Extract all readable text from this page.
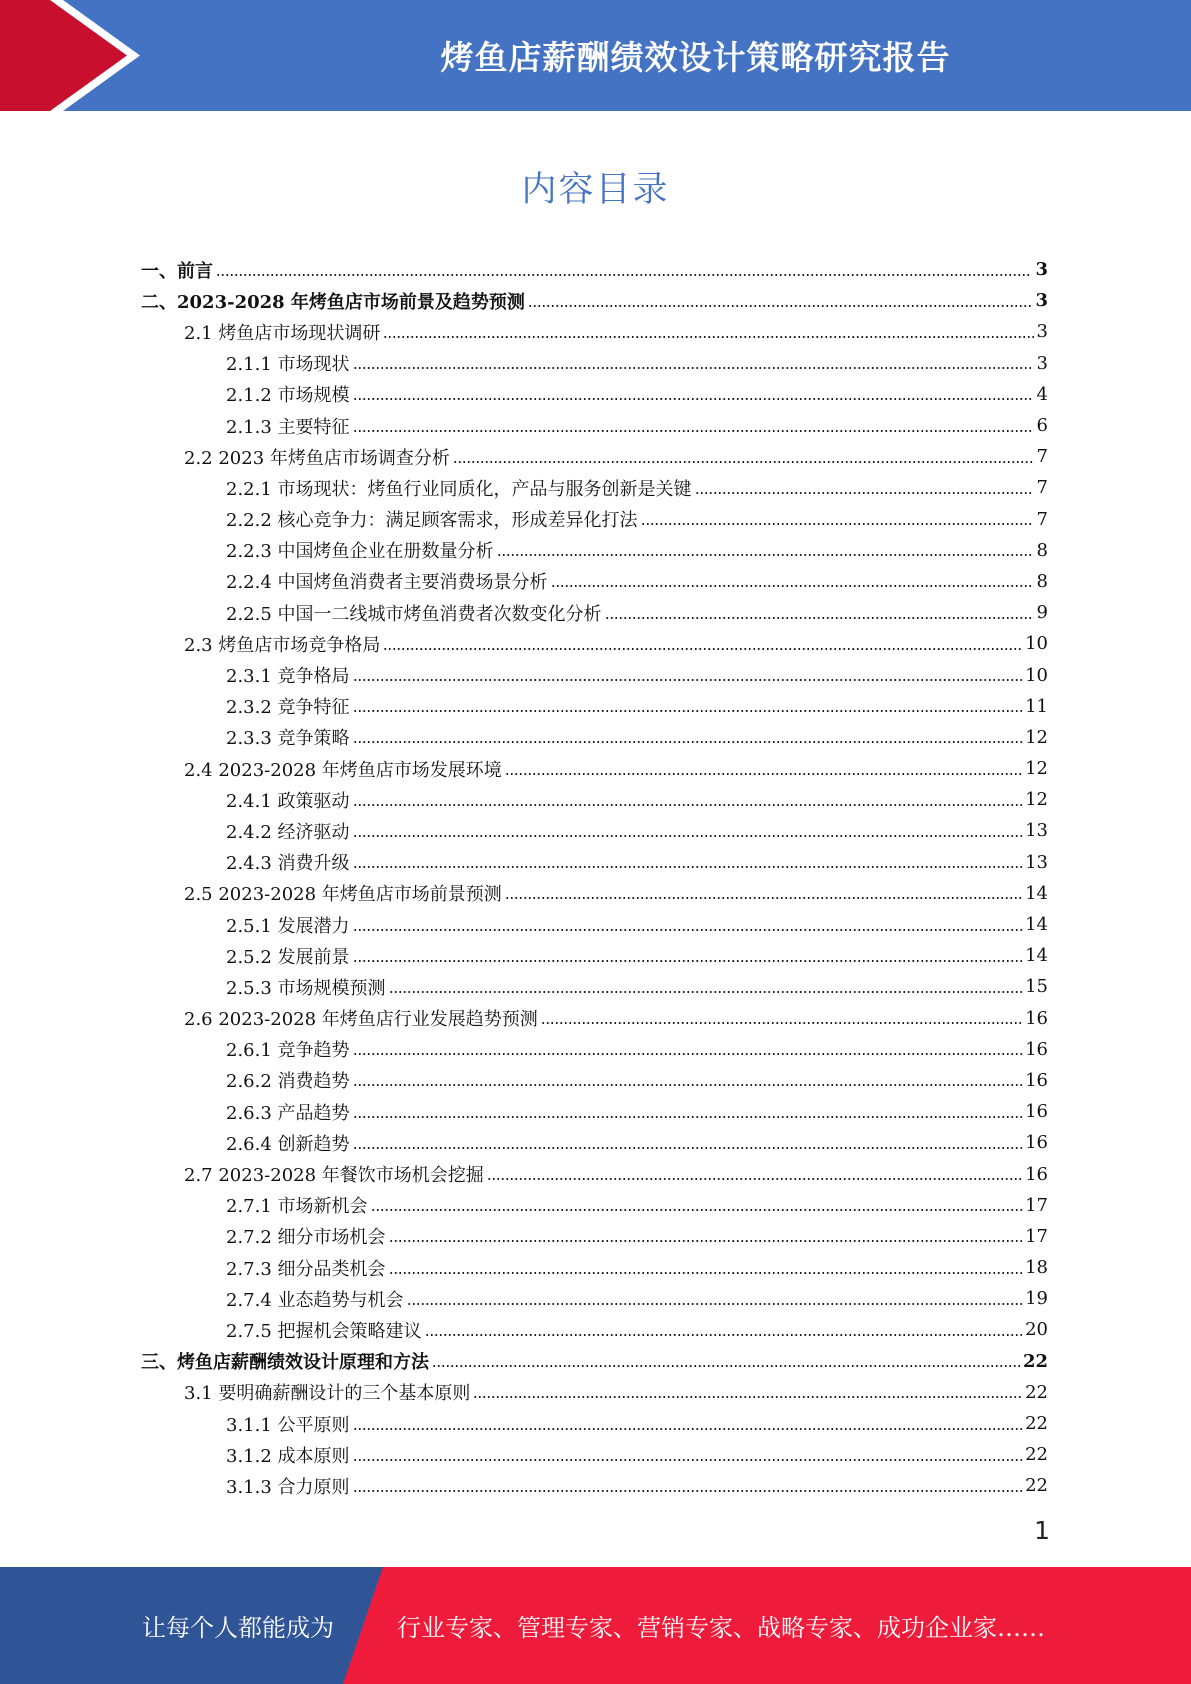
烤鱼店薪酬绩效设计策略研究报告
内容目录
一、前言	3
二、2023-2028 年烤鱼店市场前景及趋势预测	3
2.1 烤鱼店市场现状调研	3
2.1.1 市场现状	3
2.1.2 市场规模	4
2.1.3 主要特征	6
2.2 2023 年烤鱼店市场调查分析	7
2.2.1 市场现状：烤鱼行业同质化，产品与服务创新是关键	7
2.2.2 核心竞争力：满足顾客需求，形成差异化打法	7
2.2.3 中国烤鱼企业在册数量分析	8
2.2.4 中国烤鱼消费者主要消费场景分析	8
2.2.5 中国一二线城市烤鱼消费者次数变化分析	9
2.3 烤鱼店市场竞争格局	10
2.3.1 竞争格局	10
2.3.2 竞争特征	11
2.3.3 竞争策略	12
2.4 2023-2028 年烤鱼店市场发展环境	12
2.4.1 政策驱动	12
2.4.2 经济驱动	13
2.4.3 消费升级	13
2.5 2023-2028 年烤鱼店市场前景预测	14
2.5.1 发展潜力	14
2.5.2 发展前景	14
2.5.3 市场规模预测	15
2.6 2023-2028 年烤鱼店行业发展趋势预测	16
2.6.1 竞争趋势	16
2.6.2 消费趋势	16
2.6.3 产品趋势	16
2.6.4 创新趋势	16
2.7 2023-2028 年餐饮市场机会挖掘	16
2.7.1 市场新机会	17
2.7.2 细分市场机会	17
2.7.3 细分品类机会	18
2.7.4 业态趋势与机会	19
2.7.5 把握机会策略建议	20
三、烤鱼店薪酬绩效设计原理和方法	22
3.1 要明确薪酬设计的三个基本原则	22
3.1.1 公平原则	22
3.1.2 成本原则	22
3.1.3 合力原则	22
1
让每个人都能成为	行业专家、管理专家、营销专家、战略专家、成功企业家……
